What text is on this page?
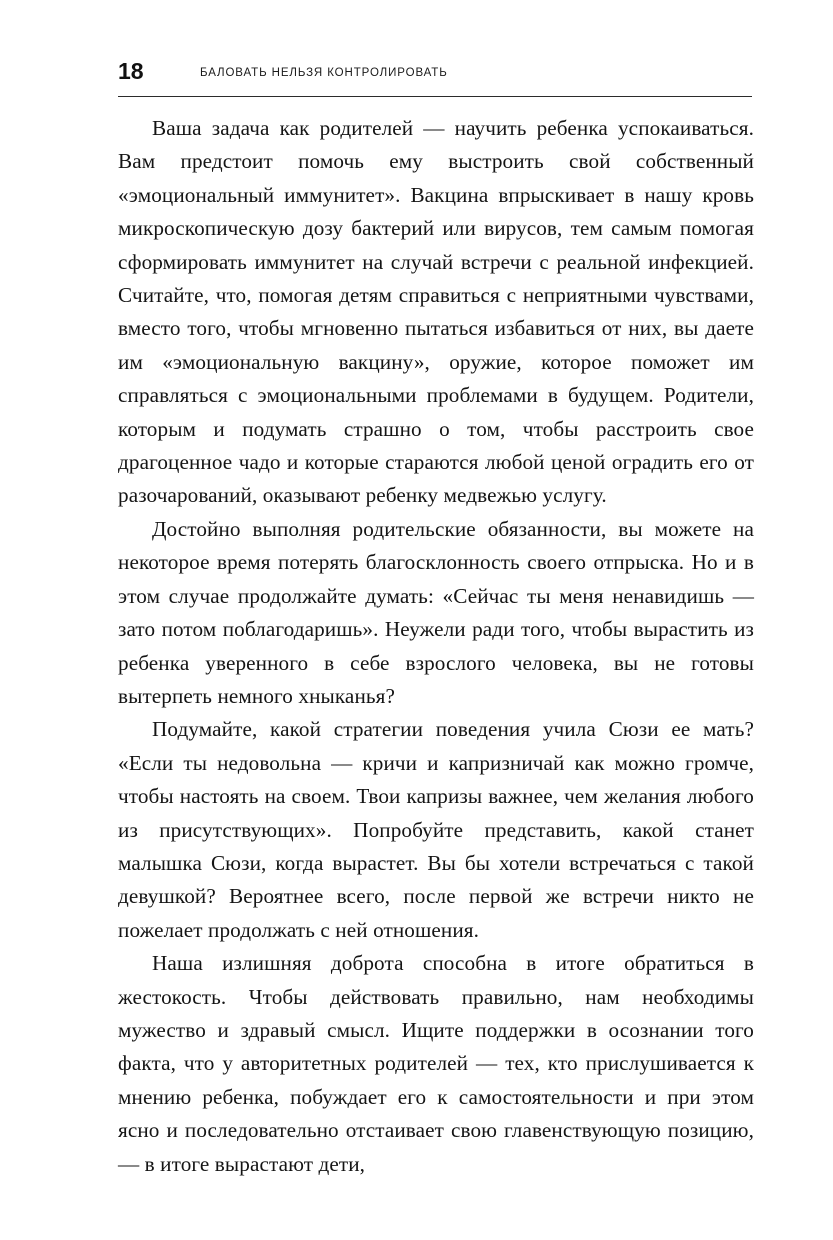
18	БАЛОВАТЬ НЕЛЬЗЯ КОНТРОЛИРОВАТЬ

Ваша задача как родителей — научить ребенка успокаиваться. Вам предстоит помочь ему выстроить свой собственный «эмоциональный иммунитет». Вакцина впрыскивает в нашу кровь микроскопическую дозу бактерий или вирусов, тем самым помогая сформировать иммунитет на случай встречи с реальной инфекцией. Считайте, что, помогая детям справиться с неприятными чувствами, вместо того, чтобы мгновенно пытаться избавиться от них, вы даете им «эмоциональную вакцину», оружие, которое поможет им справляться с эмоциональными проблемами в будущем. Родители, которым и подумать страшно о том, чтобы расстроить свое драгоценное чадо и которые стараются любой ценой оградить его от разочарований, оказывают ребенку медвежью услугу.

Достойно выполняя родительские обязанности, вы можете на некоторое время потерять благосклонность своего отпрыска. Но и в этом случае продолжайте думать: «Сейчас ты меня ненавидишь — зато потом поблагодаришь». Неужели ради того, чтобы вырастить из ребенка уверенного в себе взрослого человека, вы не готовы вытерпеть немного хныканья?

Подумайте, какой стратегии поведения учила Сюзи ее мать? «Если ты недовольна — кричи и капризничай как можно громче, чтобы настоять на своем. Твои капризы важнее, чем желания любого из присутствующих». Попробуйте представить, какой станет малышка Сюзи, когда вырастет. Вы бы хотели встречаться с такой девушкой? Вероятнее всего, после первой же встречи никто не пожелает продолжать с ней отношения.

Наша излишняя доброта способна в итоге обратиться в жестокость. Чтобы действовать правильно, нам необходимы мужество и здравый смысл. Ищите поддержки в осознании того факта, что у авторитетных родителей — тех, кто прислушивается к мнению ребенка, побуждает его к самостоятельности и при этом ясно и последовательно отстаивает свою главенствующую позицию, — в итоге вырастают дети,
